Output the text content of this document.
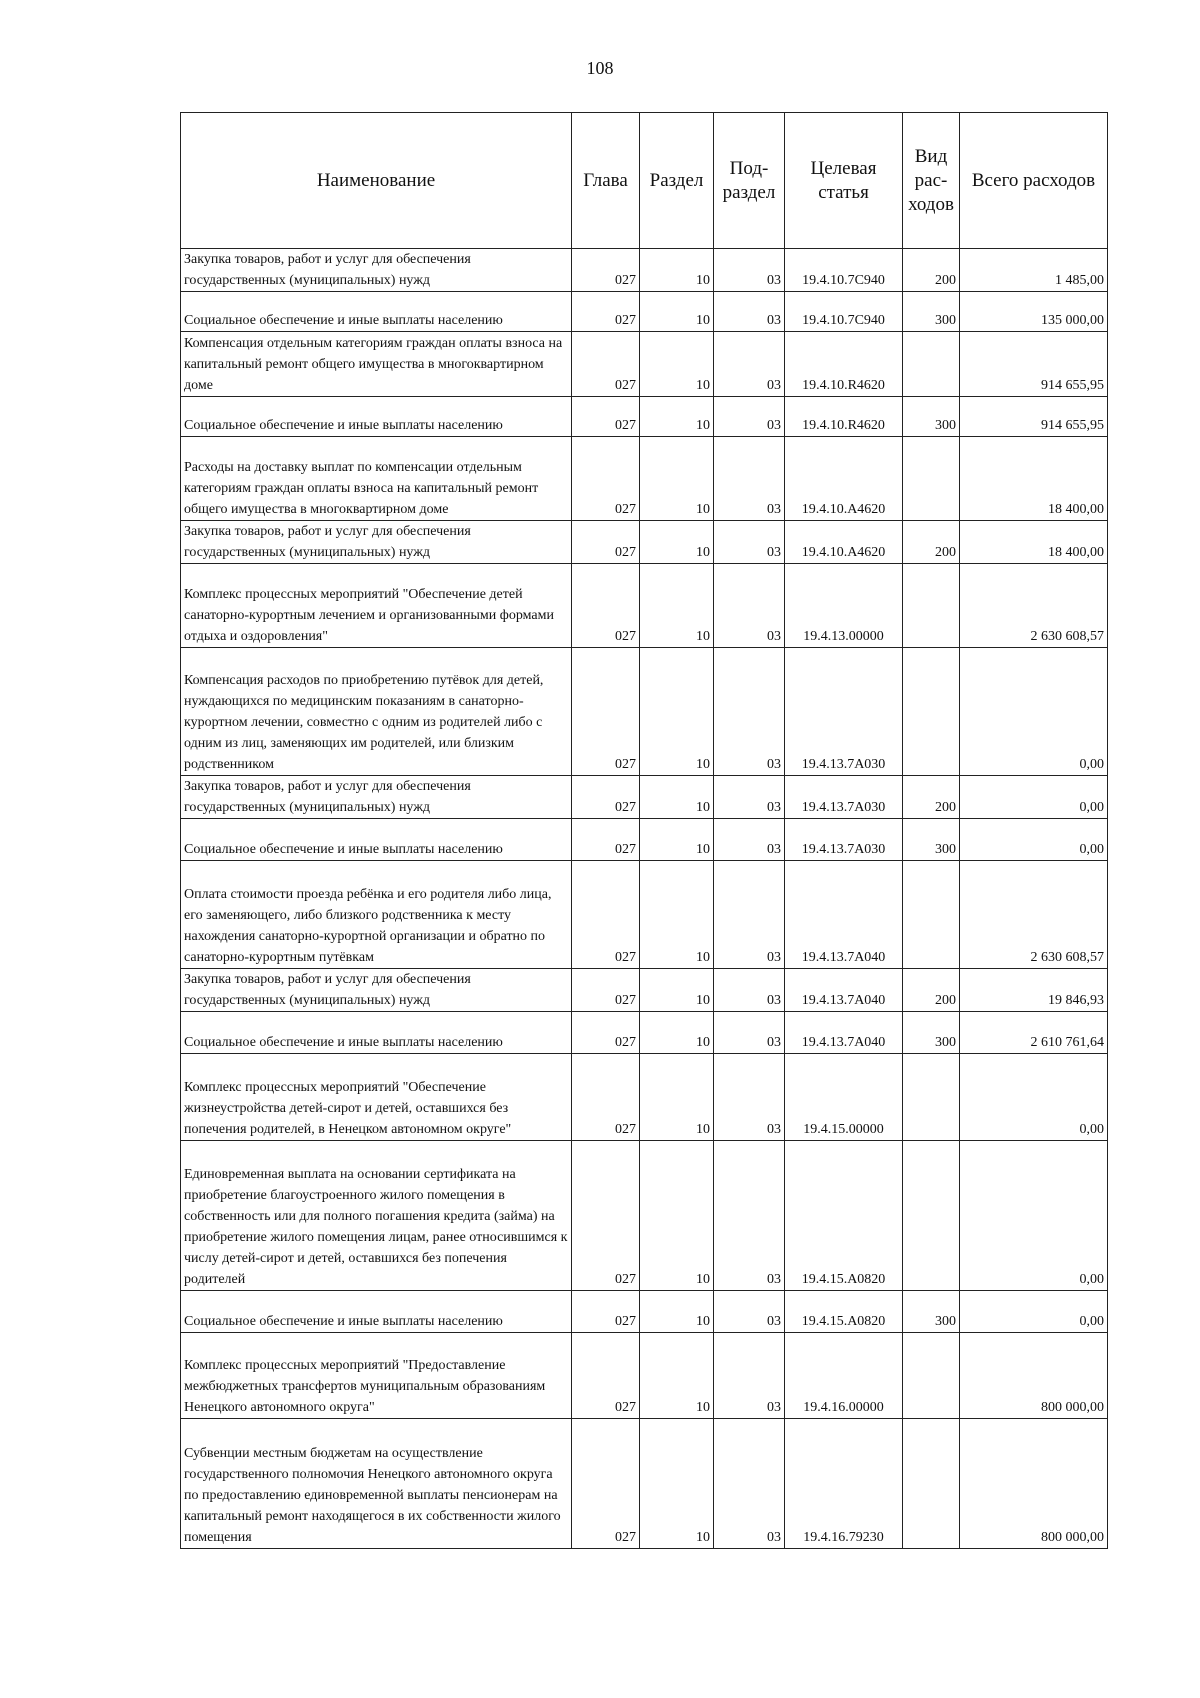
108
Наименование	Глава	Раздел	Под-раздел	Целевая статья	Вид рас-ходов	Всего расходов
Закупка товаров, работ и услуг для обеспечения государственных (муниципальных) нужд	027	10	03	19.4.10.7С940	200	1 485,00
Социальное обеспечение и иные выплаты населению	027	10	03	19.4.10.7С940	300	135 000,00
Компенсация отдельным категориям граждан оплаты взноса на капитальный ремонт общего имущества в многоквартирном доме	027	10	03	19.4.10.R4620		914 655,95
Социальное обеспечение и иные выплаты населению	027	10	03	19.4.10.R4620	300	914 655,95
Расходы на доставку выплат по компенсации отдельным категориям граждан оплаты взноса на капитальный ремонт общего имущества в многоквартирном доме	027	10	03	19.4.10.А4620		18 400,00
Закупка товаров, работ и услуг для обеспечения государственных (муниципальных) нужд	027	10	03	19.4.10.А4620	200	18 400,00
Комплекс процессных мероприятий "Обеспечение детей санаторно-курортным лечением и организованными формами отдыха и оздоровления"	027	10	03	19.4.13.00000		2 630 608,57
Компенсация расходов по приобретению путёвок для детей, нуждающихся по медицинским показаниям в санаторно-курортном лечении, совместно с одним из родителей либо с одним из лиц, заменяющих им родителей, или близким родственником	027	10	03	19.4.13.7А030		0,00
Закупка товаров, работ и услуг для обеспечения государственных (муниципальных) нужд	027	10	03	19.4.13.7А030	200	0,00
Социальное обеспечение и иные выплаты населению	027	10	03	19.4.13.7А030	300	0,00
Оплата стоимости проезда ребёнка и его родителя либо лица, его заменяющего, либо близкого родственника к месту нахождения санаторно-курортной организации и обратно по санаторно-курортным путёвкам	027	10	03	19.4.13.7А040		2 630 608,57
Закупка товаров, работ и услуг для обеспечения государственных (муниципальных) нужд	027	10	03	19.4.13.7А040	200	19 846,93
Социальное обеспечение и иные выплаты населению	027	10	03	19.4.13.7А040	300	2 610 761,64
Комплекс процессных мероприятий "Обеспечение жизнеустройства детей-сирот и детей, оставшихся без попечения родителей, в Ненецком автономном округе"	027	10	03	19.4.15.00000		0,00
Единовременная выплата на основании сертификата на приобретение благоустроенного жилого помещения в собственность или для полного погашения кредита (займа) на приобретение жилого помещения лицам, ранее относившимся к числу детей-сирот и детей, оставшихся без попечения родителей	027	10	03	19.4.15.А0820		0,00
Социальное обеспечение и иные выплаты населению	027	10	03	19.4.15.А0820	300	0,00
Комплекс процессных мероприятий "Предоставление межбюджетных трансфертов муниципальным образованиям Ненецкого автономного округа"	027	10	03	19.4.16.00000		800 000,00
Субвенции местным бюджетам на осуществление государственного полномочия Ненецкого автономного округа по предоставлению единовременной выплаты пенсионерам на капитальный ремонт находящегося в их собственности жилого помещения	027	10	03	19.4.16.79230		800 000,00
